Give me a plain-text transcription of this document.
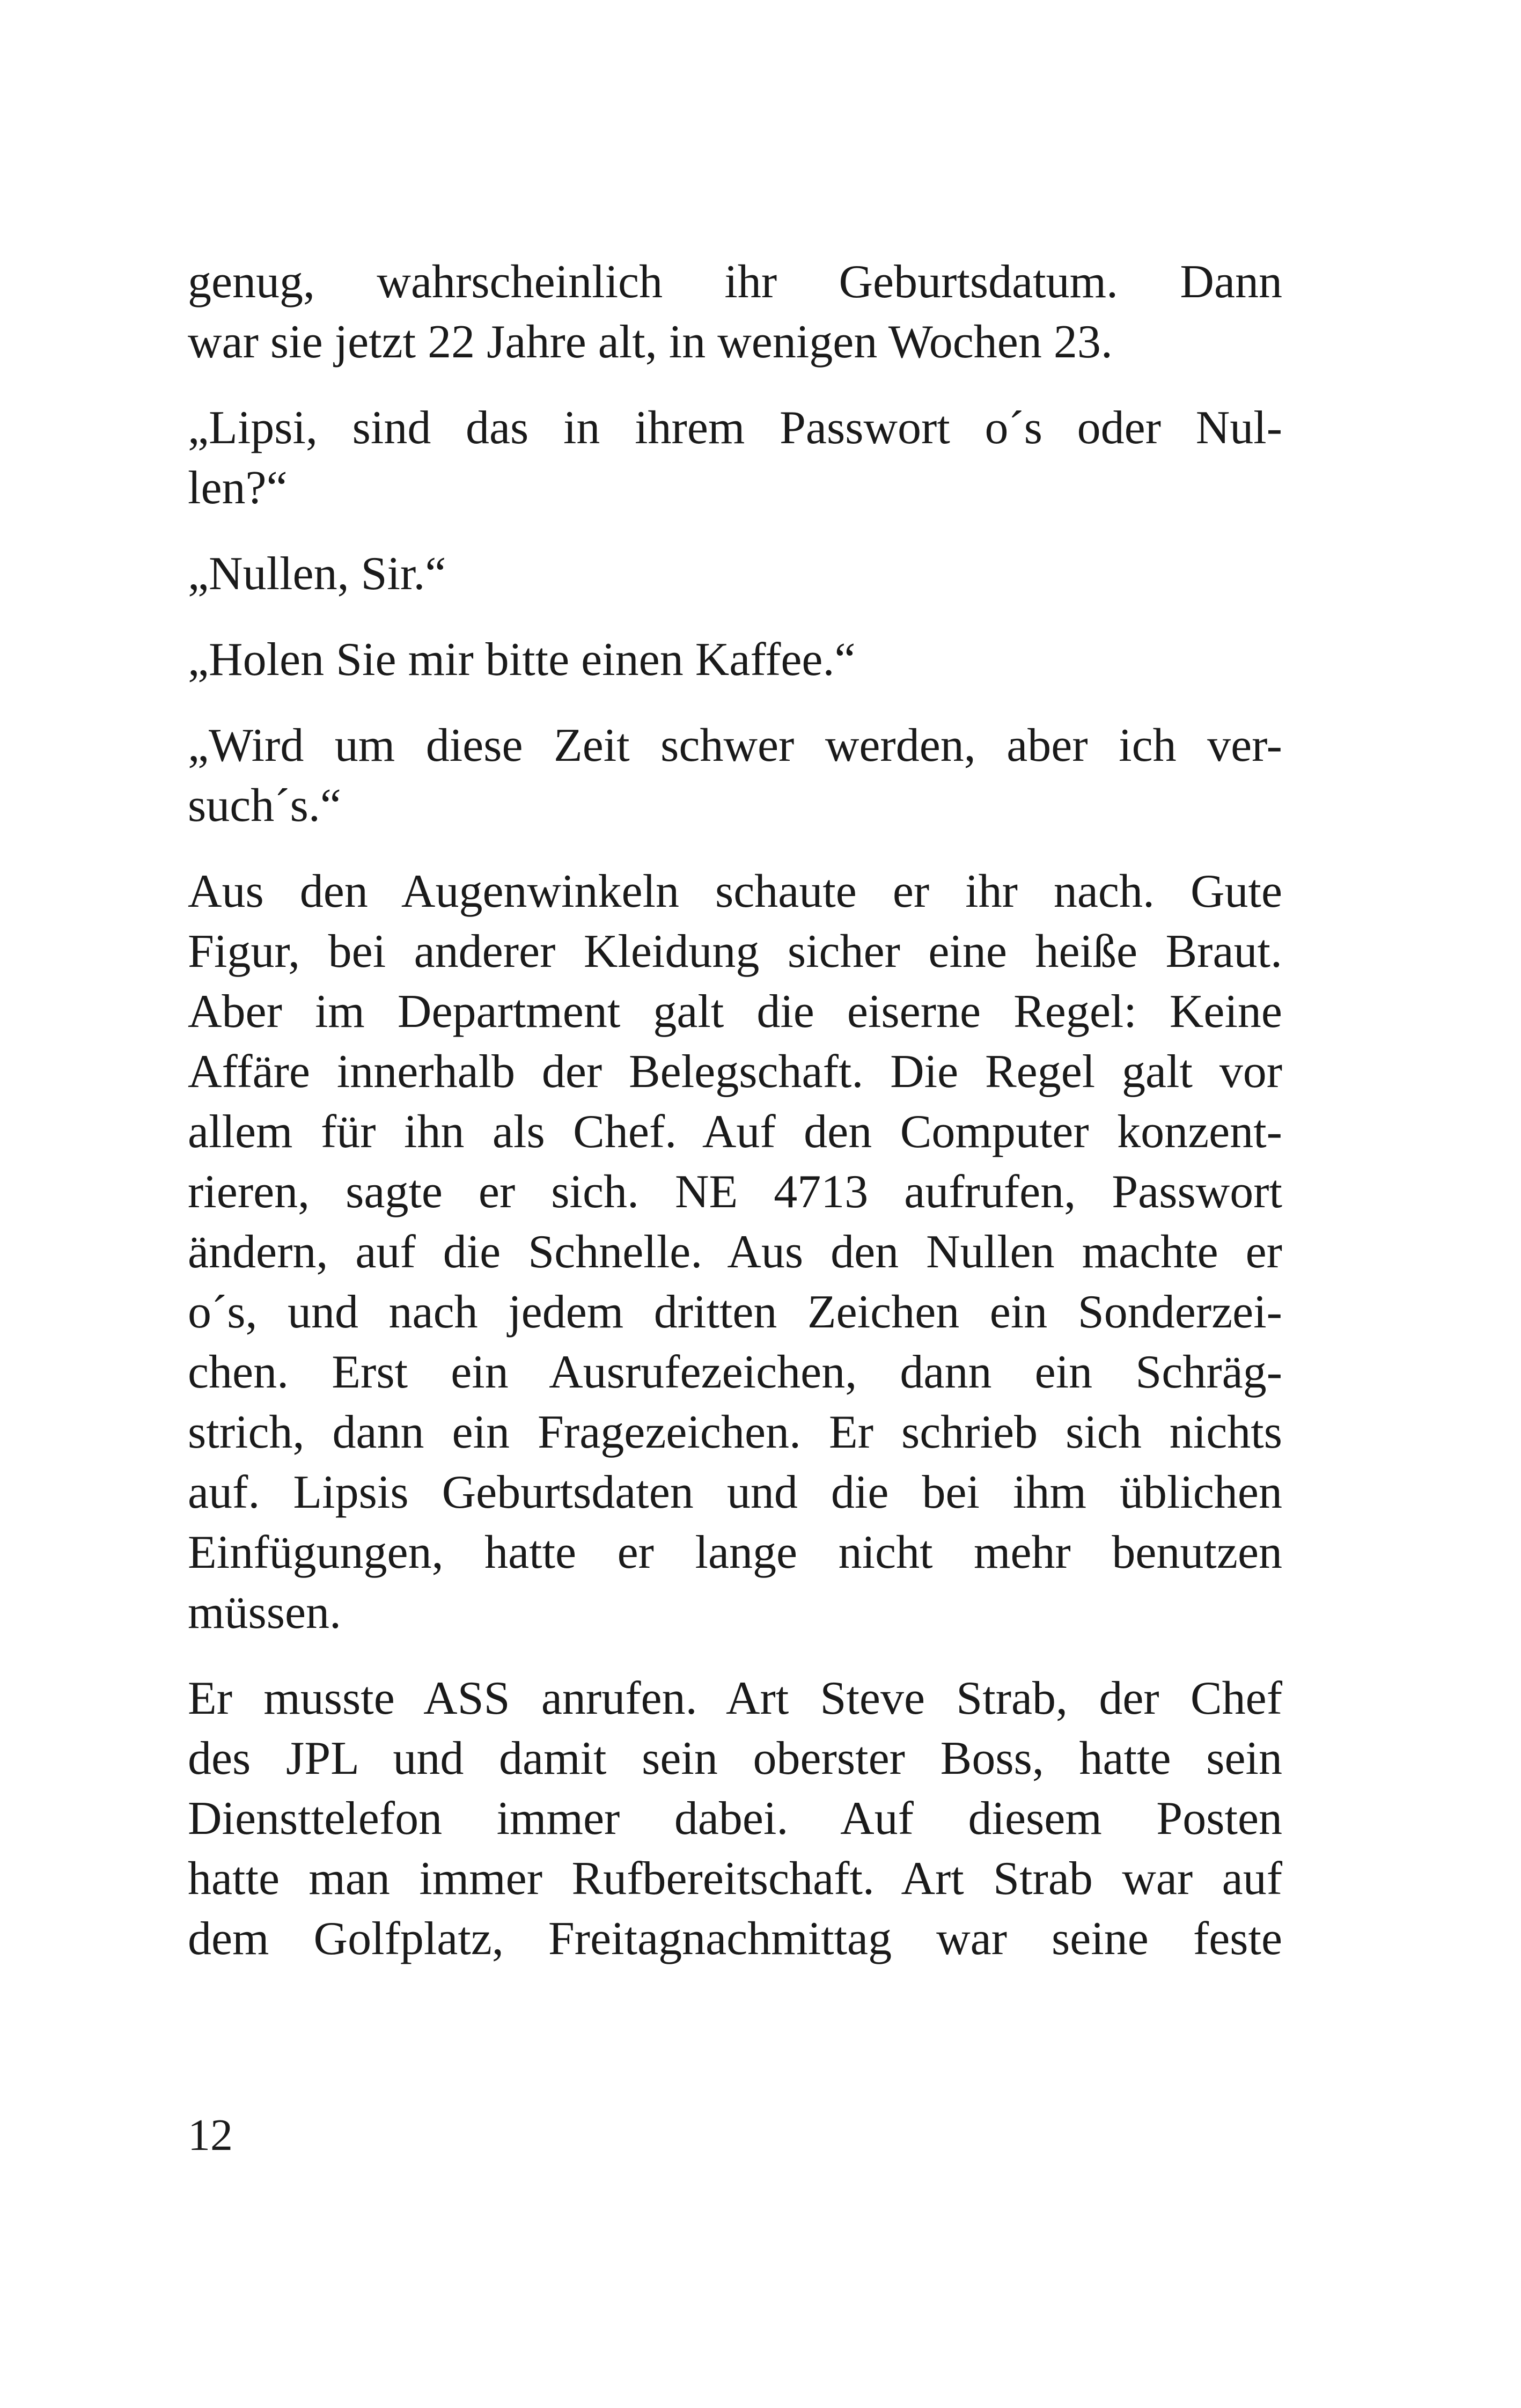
genug, wahrscheinlich ihr Geburtsdatum. Dann
war sie jetzt 22 Jahre alt, in wenigen Wochen 23.

„Lipsi, sind das in ihrem Passwort o´s oder Nul-
len?“

„Nullen, Sir.“

„Holen Sie mir bitte einen Kaffee.“

„Wird um diese Zeit schwer werden, aber ich ver-
such´s.“

Aus den Augenwinkeln schaute er ihr nach. Gute
Figur, bei anderer Kleidung sicher eine heiße Braut.
Aber im Department galt die eiserne Regel: Keine
Affäre innerhalb der Belegschaft. Die Regel galt vor
allem für ihn als Chef. Auf den Computer konzent-
rieren, sagte er sich. NE 4713 aufrufen, Passwort
ändern, auf die Schnelle. Aus den Nullen machte er
o´s, und nach jedem dritten Zeichen ein Sonderzei-
chen. Erst ein Ausrufezeichen, dann ein Schräg-
strich, dann ein Fragezeichen. Er schrieb sich nichts
auf. Lipsis Geburtsdaten und die bei ihm üblichen
Einfügungen, hatte er lange nicht mehr benutzen
müssen.

Er musste ASS anrufen. Art Steve Strab, der Chef
des JPL und damit sein oberster Boss, hatte sein
Diensttelefon immer dabei. Auf diesem Posten
hatte man immer Rufbereitschaft. Art Strab war auf
dem Golfplatz, Freitagnachmittag war seine feste

12
